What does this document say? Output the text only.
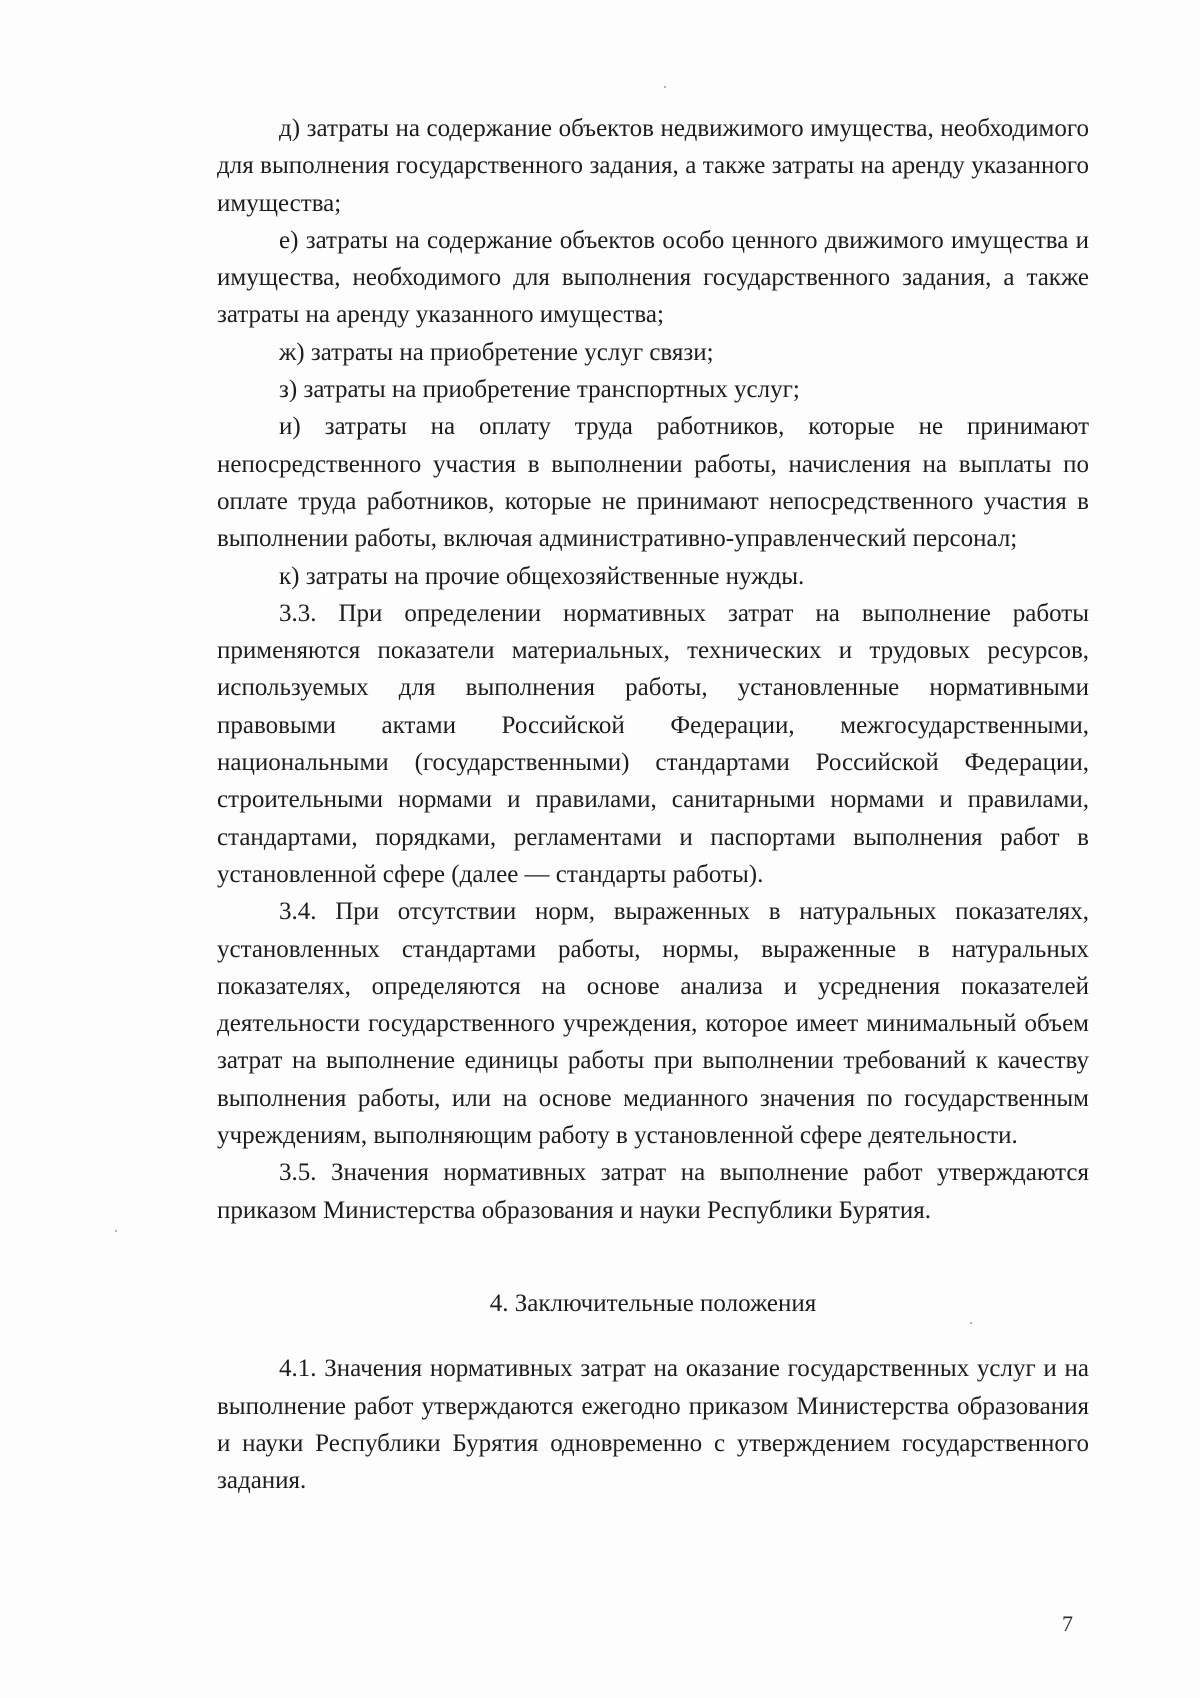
д) затраты на содержание объектов недвижимого имущества, необходимого для выполнения государственного задания, а также затраты на аренду указанного имущества;

е) затраты на содержание объектов особо ценного движимого имущества и имущества, необходимого для выполнения государственного задания, а также затраты на аренду указанного имущества;

ж) затраты на приобретение услуг связи;

з) затраты на приобретение транспортных услуг;

и) затраты на оплату труда работников, которые не принимают непосредственного участия в выполнении работы, начисления на выплаты по оплате труда работников, которые не принимают непосредственного участия в выполнении работы, включая административно-управленческий персонал;

к) затраты на прочие общехозяйственные нужды.

3.3. При определении нормативных затрат на выполнение работы применяются показатели материальных, технических и трудовых ресурсов, используемых для выполнения работы, установленные нормативными правовыми актами Российской Федерации, межгосударственными, национальными (государственными) стандартами Российской Федерации, строительными нормами и правилами, санитарными нормами и правилами, стандартами, порядками, регламентами и паспортами выполнения работ в установленной сфере (далее — стандарты работы).

3.4. При отсутствии норм, выраженных в натуральных показателях, установленных стандартами работы, нормы, выраженные в натуральных показателях, определяются на основе анализа и усреднения показателей деятельности государственного учреждения, которое имеет минимальный объем затрат на выполнение единицы работы при выполнении требований к качеству выполнения работы, или на основе медианного значения по государственным учреждениям, выполняющим работу в установленной сфере деятельности.

3.5. Значения нормативных затрат на выполнение работ утверждаются приказом Министерства образования и науки Республики Бурятия.

4. Заключительные положения

4.1. Значения нормативных затрат на оказание государственных услуг и на выполнение работ утверждаются ежегодно приказом Министерства образования и науки Республики Бурятия одновременно с утверждением государственного задания.

7
